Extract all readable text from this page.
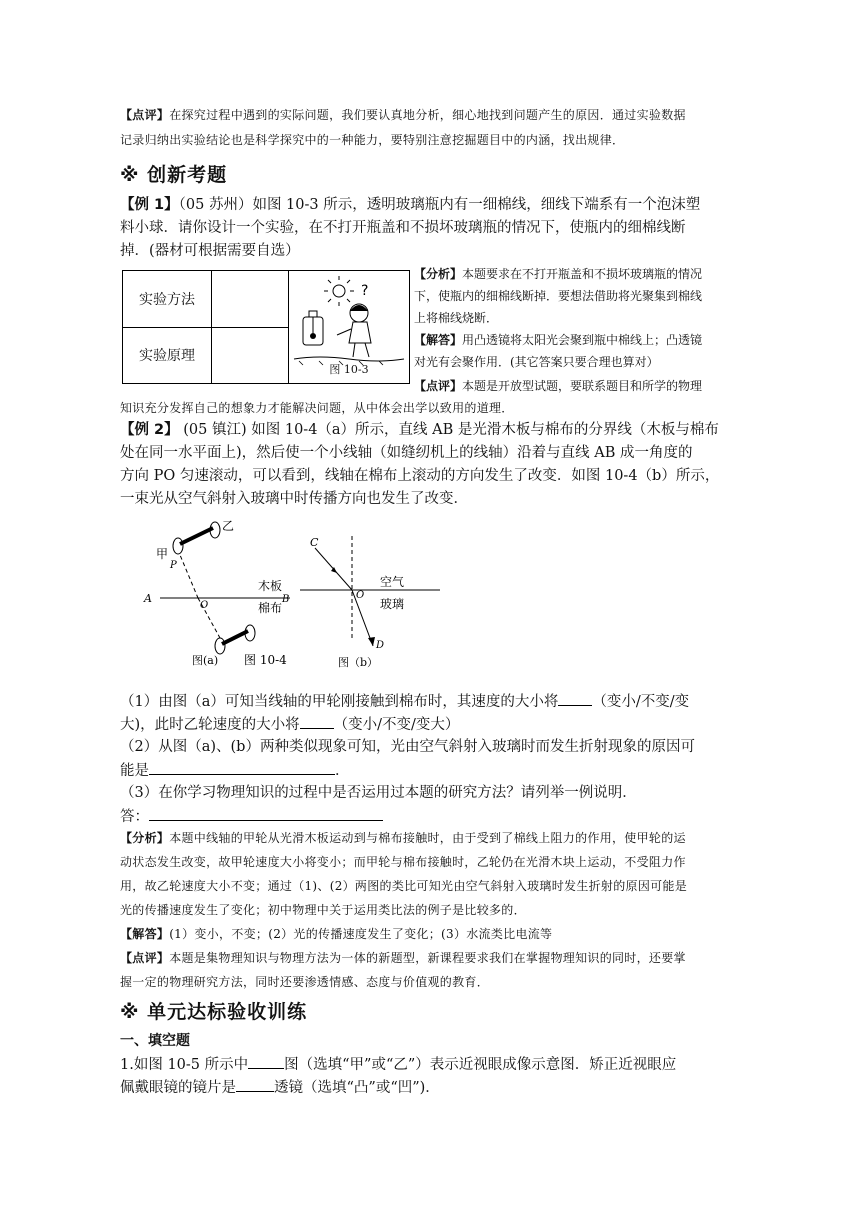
【点评】在探究过程中遇到的实际问题，我们要认真地分析，细心地找到问题产生的原因．通过实验数据

记录归纳出实验结论也是科学探究中的一种能力，要特别注意挖掘题目中的内涵，找出规律．

※ 创新考题

【例 1】（05 苏州）如图 10-3 所示，透明玻璃瓶内有一细棉线，细线下端系有一个泡沫塑

料小球．请你设计一个实验，在不打开瓶盖和不损坏玻璃瓶的情况下，使瓶内的细棉线断

掉．(器材可根据需要自选）

实验方法		?
图 10-3

实验原理		

【分析】本题要求在不打开瓶盖和不损坏玻璃瓶的情况

下，使瓶内的细棉线断掉．要想法借助将光聚集到棉线

上将棉线烧断．

【解答】用凸透镜将太阳光会聚到瓶中棉线上；凸透镜

对光有会聚作用．(其它答案只要合理也算对）

【点评】本题是开放型试题，要联系题目和所学的物理

知识充分发挥自己的想象力才能解决问题，从中体会出学以致用的道理．

【例 2】 (05 镇江) 如图 10-4（a）所示，直线 AB 是光滑木板与棉布的分界线（木板与棉布

处在同一水平面上)，然后使一个小线轴（如缝纫机上的线轴）沿着与直线 AB 成一角度的

方向 PO 匀速滚动，可以看到，线轴在棉布上滚动的方向发生了改变．如图 10-4（b）所示，

一束光从空气斜射入玻璃中时传播方向也发生了改变．

甲
乙
P
A	B
O
木板
棉布
图(a) 图 10-4
C
O
空气
玻璃
D
图（b）

（1）由图（a）可知当线轴的甲轮刚接触到棉布时，其速度的大小将 （变小/不变/变

大)，此时乙轮速度的大小将 （变小/不变/变大）

（2）从图（a)、(b）两种类似现象可知，光由空气斜射入玻璃时而发生折射现象的原因可

能是	．

（3）在你学习物理知识的过程中是否运用过本题的研究方法？请列举一例说明．

答：

【分析】本题中线轴的甲轮从光滑木板运动到与棉布接触时，由于受到了棉线上阻力的作用，使甲轮的运

动状态发生改变，故甲轮速度大小将变小；而甲轮与棉布接触时，乙轮仍在光滑木块上运动，不受阻力作

用，故乙轮速度大小不变；通过（1)、(2）两图的类比可知光由空气斜射入玻璃时发生折射的原因可能是

光的传播速度发生了变化；初中物理中关于运用类比法的例子是比较多的．

【解答】(1）变小，不变；(2）光的传播速度发生了变化；(3）水流类比电流等

【点评】本题是集物理知识与物理方法为一体的新题型，新课程要求我们在掌握物理知识的同时，还要掌

握一定的物理研究方法，同时还要渗透情感、态度与价值观的教育．

※ 单元达标验收训练
一、填空题

1.如图 10-5 所示中 图（选填“甲”或“乙”）表示近视眼成像示意图．矫正近视眼应

佩戴眼镜的镜片是	透镜（选填“凸”或“凹”)．
